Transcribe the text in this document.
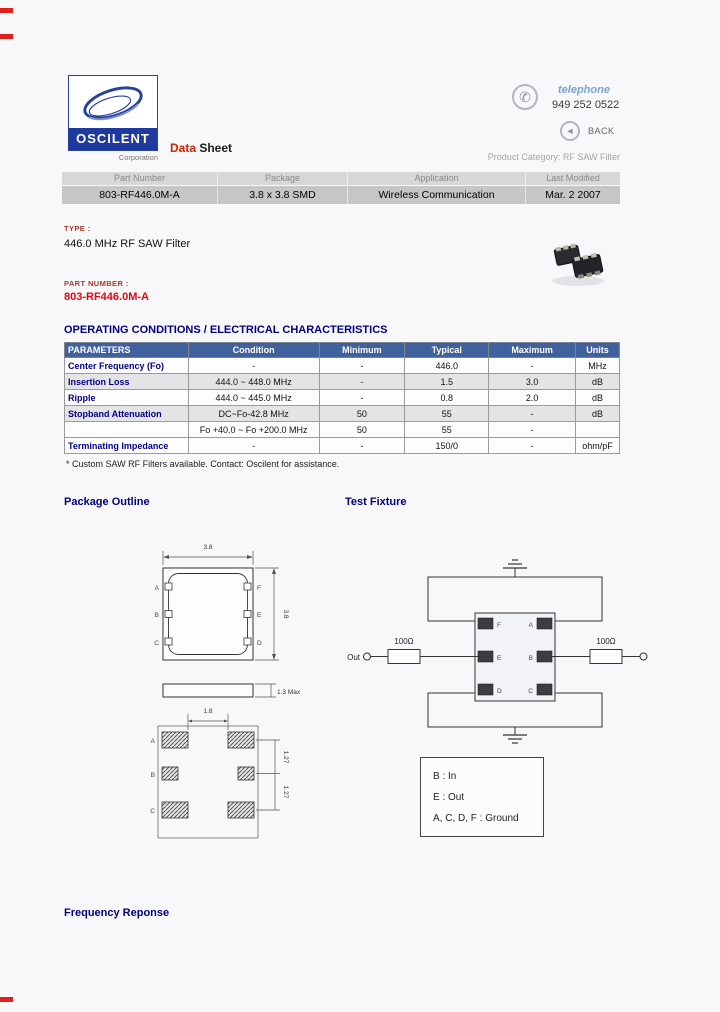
OSCILENT
Corporation
Data Sheet
✆	telephone
949 252 0522
◄	BACK
Product Category: RF SAW Filter
Part Number	Package	Application	Last Modified
803-RF446.0M-A	3.8 x 3.8 SMD	Wireless Communication	Mar. 2 2007
TYPE :
446.0 MHz RF SAW Filter
PART NUMBER :
803-RF446.0M-A
OPERATING CONDITIONS / ELECTRICAL CHARACTERISTICS
PARAMETERS	Condition	Minimum	Typical	Maximum	Units
Center Frequency (Fo)	-	-	446.0	-	MHz
Insertion Loss	444.0 ~ 448.0 MHz	-	1.5	3.0	dB
Ripple	444.0 ~ 445.0 MHz	-	0.8	2.0	dB
Stopband Attenuation	DC~Fo-42.8 MHz	50	55	-	dB
	Fo +40.0 ~ Fo +200.0 MHz	50	55	-	
Terminating Impedance	-	-	150/0	-	ohm/pF
* Custom SAW RF Filters available. Contact: Oscilent for assistance.
Package Outline	Test Fixture
3.8
A
B
C
F
E
D
3.8
1.3 Max
1.8
1.27
1.27
A
B
C
F
E
D
A
B
C
Out
100Ω	100Ω
B : In
E : Out
A, C, D, F : Ground
Frequency Reponse
